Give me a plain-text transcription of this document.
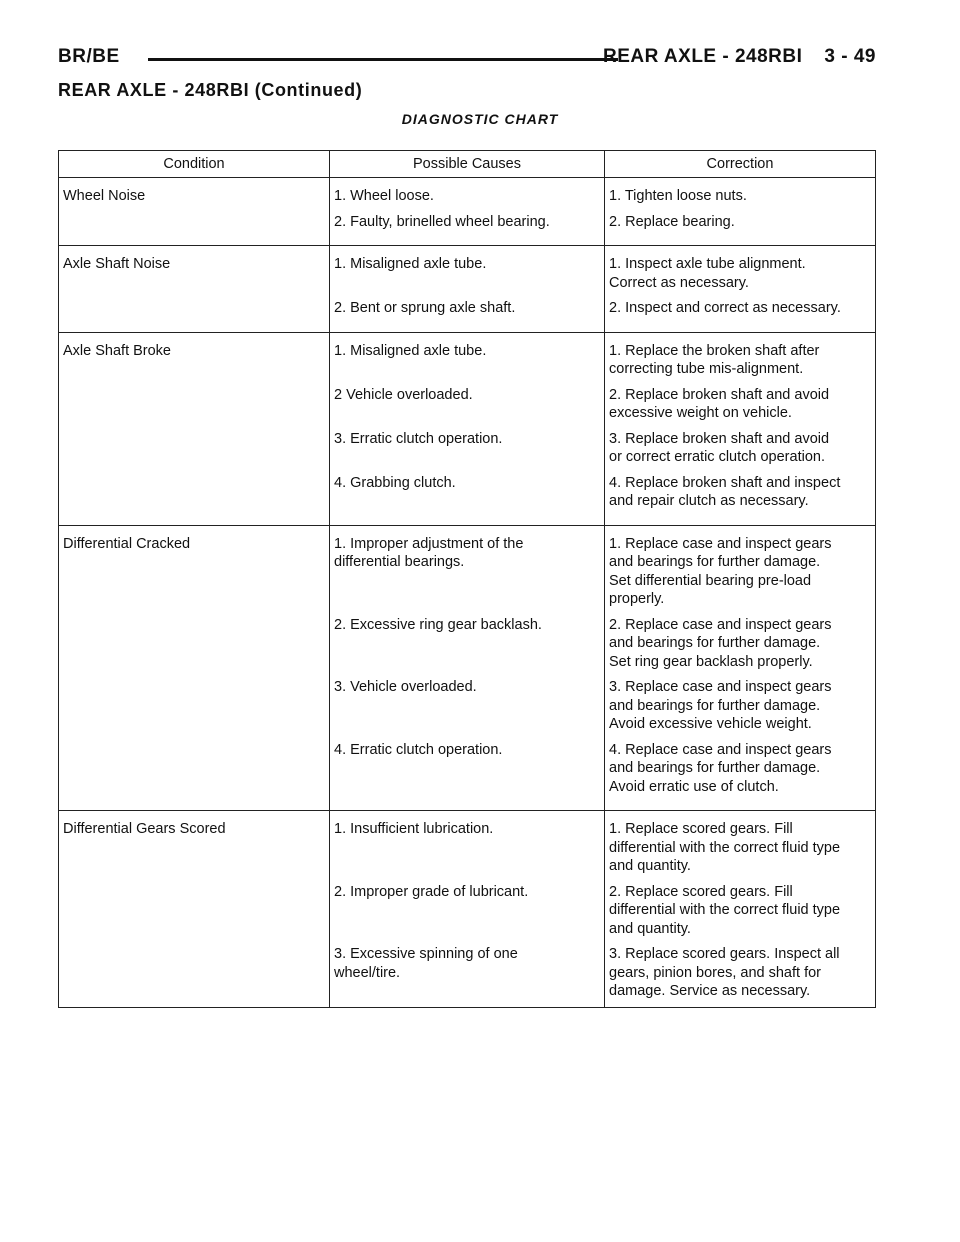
BR/BE	REAR AXLE - 248RBI 3 - 49
REAR AXLE - 248RBI (Continued)
DIAGNOSTIC CHART
Condition	Possible Causes	Correction
Wheel Noise	1. Wheel loose.	1. Tighten loose nuts.

	2. Faulty, brinelled wheel bearing.	2. Replace bearing.

Axle Shaft Noise	1. Misaligned axle tube.	1. Inspect axle tube alignment.
Correct as necessary.

	2. Bent or sprung axle shaft.	2. Inspect and correct as necessary.

Axle Shaft Broke	1. Misaligned axle tube.	1. Replace the broken shaft after
correcting tube mis-alignment.

	2 Vehicle overloaded.	2. Replace broken shaft and avoid
excessive weight on vehicle.

	3. Erratic clutch operation.	3. Replace broken shaft and avoid
or correct erratic clutch operation.

	4. Grabbing clutch.	4. Replace broken shaft and inspect
and repair clutch as necessary.

Differential Cracked	1. Improper adjustment of the
differential bearings.	1. Replace case and inspect gears
and bearings for further damage.
Set differential bearing pre-load
properly.

	2. Excessive ring gear backlash.	2. Replace case and inspect gears
and bearings for further damage.
Set ring gear backlash properly.

	3. Vehicle overloaded.	3. Replace case and inspect gears
and bearings for further damage.
Avoid excessive vehicle weight.

	4. Erratic clutch operation.	4. Replace case and inspect gears
and bearings for further damage.
Avoid erratic use of clutch.

Differential Gears Scored	1. Insufficient lubrication.	1. Replace scored gears. Fill
differential with the correct fluid type
and quantity.

	2. Improper grade of lubricant.	2. Replace scored gears. Fill
differential with the correct fluid type
and quantity.

	3. Excessive spinning of one
wheel/tire.	3. Replace scored gears. Inspect all
gears, pinion bores, and shaft for
damage. Service as necessary.
